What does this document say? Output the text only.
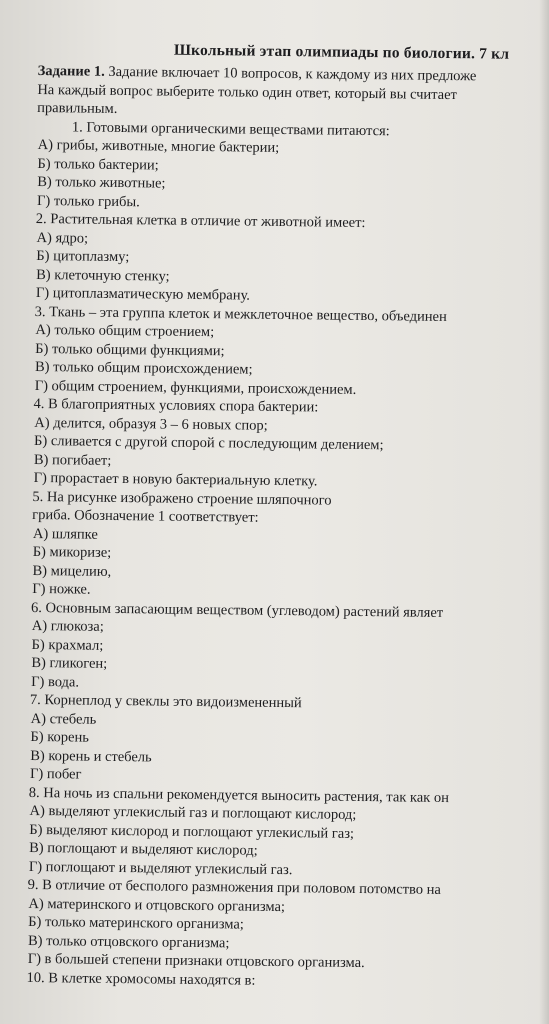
Школьный этап олимпиады по биологии. 7 кл
Задание 1. Задание включает 10 вопросов, к каждому из них предложе
На каждый вопрос выберите только один ответ, который вы считает
правильным.
1. Готовыми органическими веществами питаются:
А) грибы, животные, многие бактерии;
Б) только бактерии;
В) только животные;
Г) только грибы.
2. Растительная клетка в отличие от животной имеет:
А) ядро;
Б) цитоплазму;
В) клеточную стенку;
Г) цитоплазматическую мембрану.
3. Ткань – эта группа клеток и межклеточное вещество, объединен
А) только общим строением;
Б) только общими функциями;
В) только общим происхождением;
Г) общим строением, функциями, происхождением.
4. В благоприятных условиях спора бактерии:
А) делится, образуя 3 – 6 новых спор;
Б) сливается с другой спорой с последующим делением;
В) погибает;
Г) прорастает в новую бактериальную клетку.
5. На рисунке изображено строение шляпочного
гриба. Обозначение 1 соответствует:
А) шляпке
Б) микоризе;
В) мицелию,
Г) ножке.
6. Основным запасающим веществом (углеводом) растений являет
А) глюкоза;
Б) крахмал;
В) гликоген;
Г) вода.
7. Корнеплод у свеклы это видоизмененный
А) стебель
Б) корень
В) корень и стебель
Г) побег
8. На ночь из спальни рекомендуется выносить растения, так как он
А) выделяют углекислый газ и поглощают кислород;
Б) выделяют кислород и поглощают углекислый газ;
В) поглощают и выделяют кислород;
Г) поглощают и выделяют углекислый газ.
9. В отличие от бесполого размножения при половом потомство на
А) материнского и отцовского организма;
Б) только материнского организма;
В) только отцовского организма;
Г) в большей степени признаки отцовского организма.
10. В клетке хромосомы находятся в:
